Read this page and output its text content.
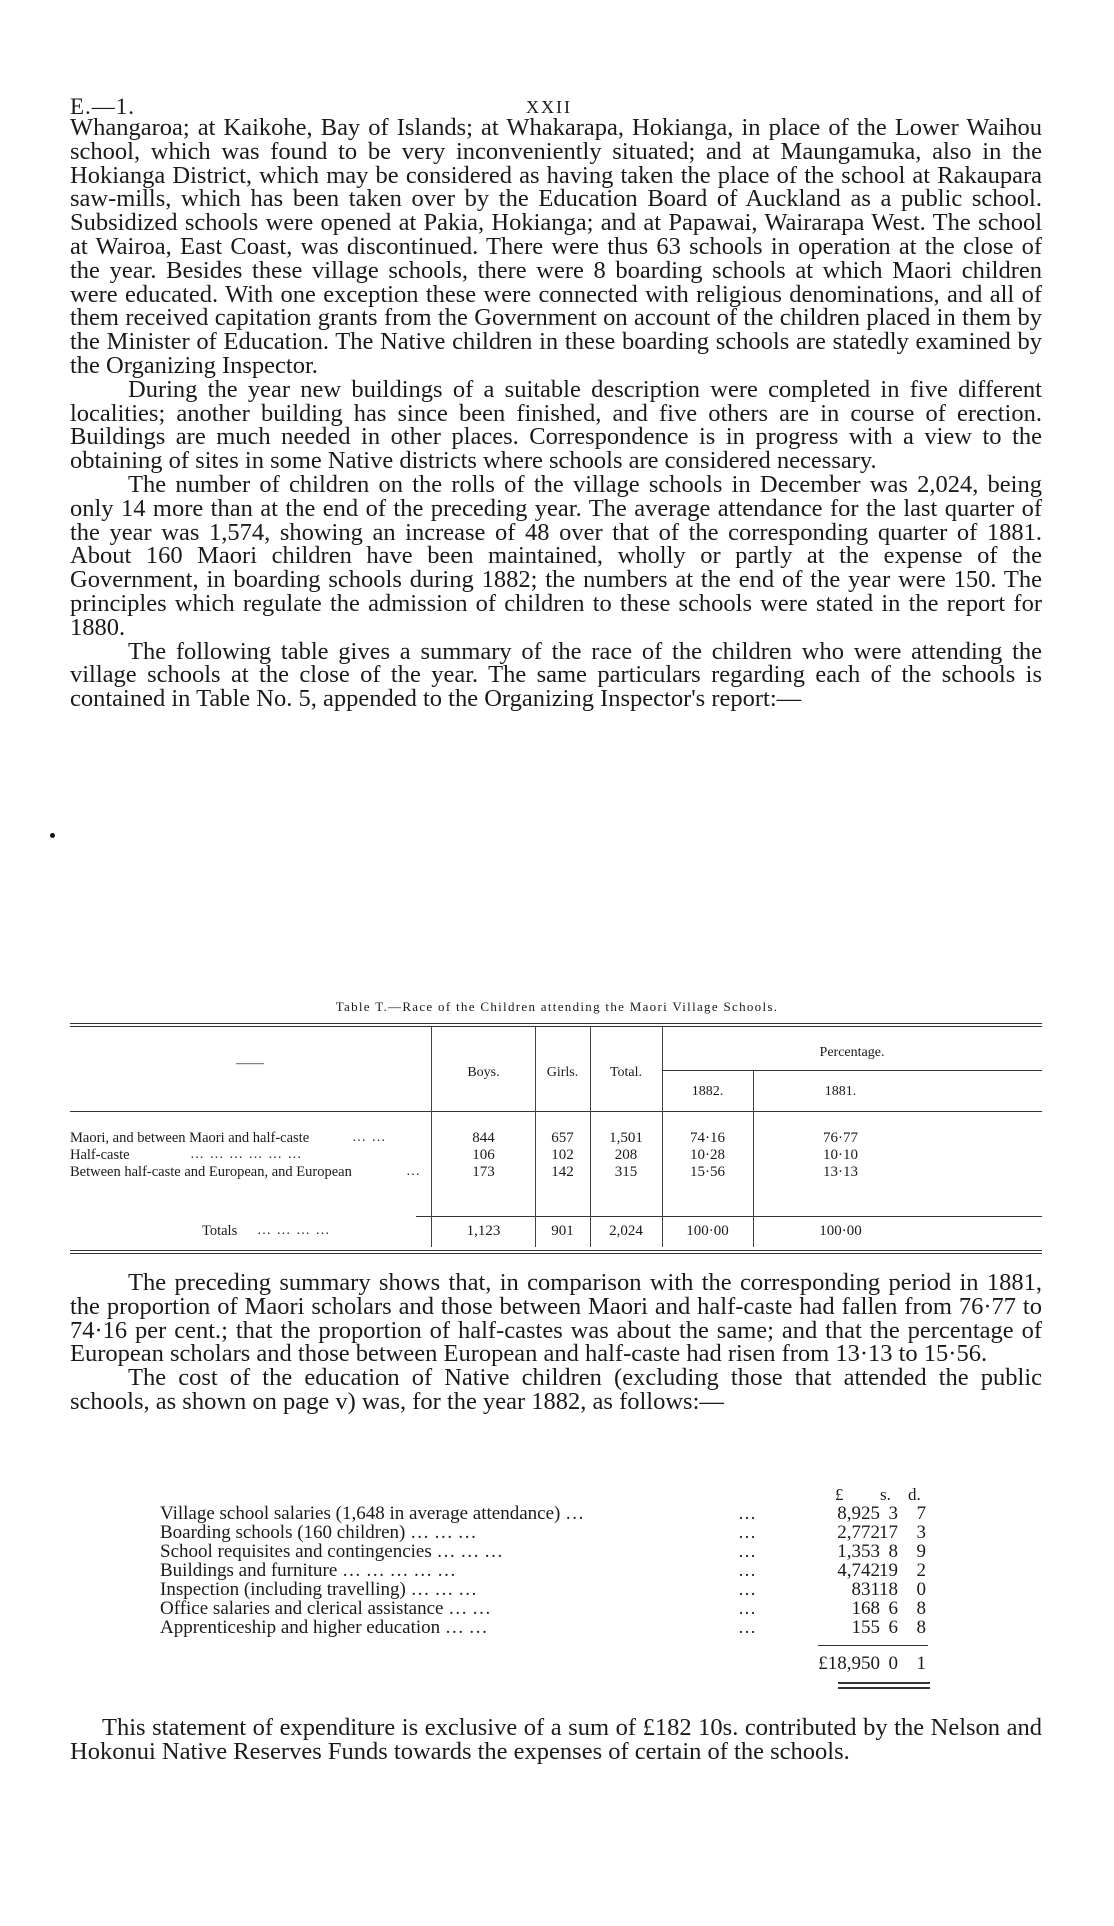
E.—1.	XXII

Whangaroa; at Kaikohe, Bay of Islands; at Whakarapa, Hokianga, in place of the Lower Waihou school, which was found to be very inconveniently situated; and at Maungamuka, also in the Hokianga District, which may be considered as having taken the place of the school at Rakaupara saw-mills, which has been taken over by the Education Board of Auckland as a public school. Subsidized schools were opened at Pakia, Hokianga; and at Papawai, Wairarapa West. The school at Wairoa, East Coast, was discontinued. There were thus 63 schools in operation at the close of the year. Besides these village schools, there were 8 boarding schools at which Maori children were educated. With one exception these were connected with religious denominations, and all of them received capitation grants from the Government on account of the children placed in them by the Minister of Education. The Native children in these boarding schools are statedly examined by the Organizing Inspector.

During the year new buildings of a suitable description were completed in five different localities; another building has since been finished, and five others are in course of erection. Buildings are much needed in other places. Correspondence is in progress with a view to the obtaining of sites in some Native districts where schools are considered necessary.

The number of children on the rolls of the village schools in December was 2,024, being only 14 more than at the end of the preceding year. The average attendance for the last quarter of the year was 1,574, showing an increase of 48 over that of the corresponding quarter of 1881. About 160 Maori children have been maintained, wholly or partly at the expense of the Government, in boarding schools during 1882; the numbers at the end of the year were 150. The principles which regulate the admission of children to these schools were stated in the report for 1880.

The following table gives a summary of the race of the children who were attending the village schools at the close of the year. The same particulars regarding each of the schools is contained in Table No. 5, appended to the Organizing Inspector's report:—

Table T.—Race of the Children attending the Maori Village Schools.
——
Boys.	Girls.	Total.
Percentage.
1882.	1881.
Maori, and between Maori and half-caste	… …	844	657	1,501	74·16	76·77
Half-caste	… … … … … …	106	102	208	10·28	10·10
Between half-caste and European, and European	…	173	142	315	15·56	13·13
Totals … … … …	1,123	901	2,024	100·00	100·00

The preceding summary shows that, in comparison with the corresponding period in 1881, the proportion of Maori scholars and those between Maori and half-caste had fallen from 76·77 to 74·16 per cent.; that the proportion of half-castes was about the same; and that the percentage of European scholars and those between European and half-caste had risen from 13·13 to 15·56.

The cost of the education of Native children (excluding those that attended the public schools, as shown on page v) was, for the year 1882, as follows:—

£ s. d.
Village school salaries (1,648 in average attendance) …	…	8,925 3 7
Boarding schools (160 children) … … …	…	2,772 17 3
School requisites and contingencies … … …	…	1,353 8 9
Buildings and furniture … … … … …	…	4,742 19 2
Inspection (including travelling) … … …	…	831 18 0
Office salaries and clerical assistance … …	…	168 6 8
Apprenticeship and higher education … …	…	155 6 8
£18,950 0 1

This statement of expenditure is exclusive of a sum of £182 10s. contributed by the Nelson and Hokonui Native Reserves Funds towards the expenses of certain of the schools.
